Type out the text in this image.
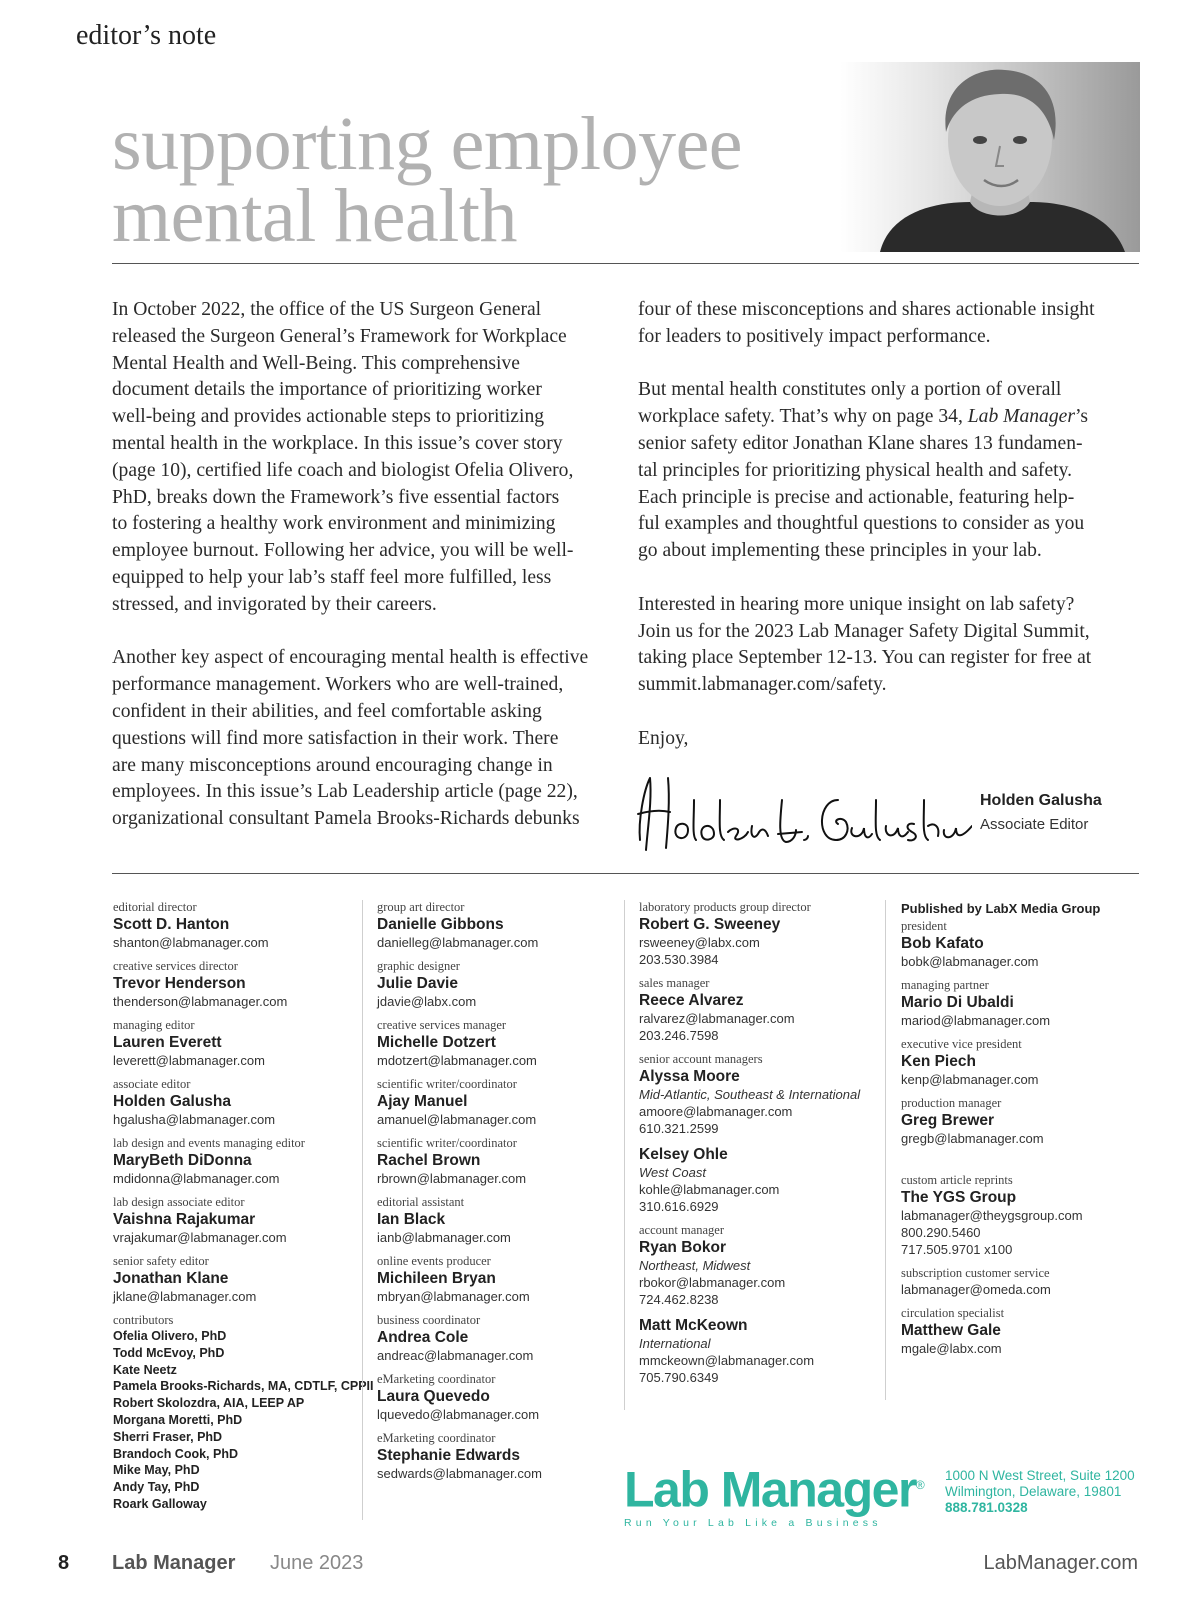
editor’s note
supporting employee
mental health

In October 2022, the office of the US Surgeon General
released the Surgeon General’s Framework for Workplace
Mental Health and Well-Being. This comprehensive
document details the importance of prioritizing worker
well-being and provides actionable steps to prioritizing
mental health in the workplace. In this issue’s cover story
(page 10), certified life coach and biologist Ofelia Olivero,
PhD, breaks down the Framework’s five essential factors
to fostering a healthy work environment and minimizing
employee burnout. Following her advice, you will be well-
equipped to help your lab’s staff feel more fulfilled, less
stressed, and invigorated by their careers.

Another key aspect of encouraging mental health is effective
performance management. Workers who are well-trained,
confident in their abilities, and feel comfortable asking
questions will find more satisfaction in their work. There
are many misconceptions around encouraging change in
employees. In this issue’s Lab Leadership article (page 22),
organizational consultant Pamela Brooks-Richards debunks

four of these misconceptions and shares actionable insight
for leaders to positively impact performance.

But mental health constitutes only a portion of overall
workplace safety. That’s why on page 34, Lab Manager’s
senior safety editor Jonathan Klane shares 13 fundamen-
tal principles for prioritizing physical health and safety.
Each principle is precise and actionable, featuring help-
ful examples and thoughtful questions to consider as you
go about implementing these principles in your lab.

Interested in hearing more unique insight on lab safety?
Join us for the 2023 Lab Manager Safety Digital Summit,
taking place September 12-13. You can register for free at
summit.labmanager.com/safety.

Enjoy,

Holden Galusha
Associate Editor
editorial director
Scott D. Hanton
shanton@labmanager.com
creative services director
Trevor Henderson
thenderson@labmanager.com
managing editor
Lauren Everett
leverett@labmanager.com
associate editor
Holden Galusha
hgalusha@labmanager.com
lab design and events managing editor
MaryBeth DiDonna
mdidonna@labmanager.com
lab design associate editor
Vaishna Rajakumar
vrajakumar@labmanager.com
senior safety editor
Jonathan Klane
jklane@labmanager.com
contributors
Ofelia Olivero, PhD
Todd McEvoy, PhD
Kate Neetz
Pamela Brooks-Richards, MA, CDTLF, CPPII
Robert Skolozdra, AIA, LEEP AP
Morgana Moretti, PhD
Sherri Fraser, PhD
Brandoch Cook, PhD
Mike May, PhD
Andy Tay, PhD
Roark Galloway
group art director
Danielle Gibbons
danielleg@labmanager.com
graphic designer
Julie Davie
jdavie@labx.com
creative services manager
Michelle Dotzert
mdotzert@labmanager.com
scientific writer/coordinator
Ajay Manuel
amanuel@labmanager.com
scientific writer/coordinator
Rachel Brown
rbrown@labmanager.com
editorial assistant
Ian Black
ianb@labmanager.com
online events producer
Michileen Bryan
mbryan@labmanager.com
business coordinator
Andrea Cole
andreac@labmanager.com
eMarketing coordinator
Laura Quevedo
lquevedo@labmanager.com
eMarketing coordinator
Stephanie Edwards
sedwards@labmanager.com
laboratory products group director
Robert G. Sweeney
rsweeney@labx.com
203.530.3984
sales manager
Reece Alvarez
ralvarez@labmanager.com
203.246.7598
senior account managers
Alyssa Moore
Mid-Atlantic, Southeast & International
amoore@labmanager.com
610.321.2599
Kelsey Ohle
West Coast
kohle@labmanager.com
310.616.6929
account manager
Ryan Bokor
Northeast, Midwest
rbokor@labmanager.com
724.462.8238
Matt McKeown
International
mmckeown@labmanager.com
705.790.6349
Published by LabX Media Group
president
Bob Kafato
bobk@labmanager.com
managing partner
Mario Di Ubaldi
mariod@labmanager.com
executive vice president
Ken Piech
kenp@labmanager.com
production manager
Greg Brewer
gregb@labmanager.com
custom article reprints
The YGS Group
labmanager@theygsgroup.com
800.290.5460
717.505.9701 x100
subscription customer service
labmanager@omeda.com
circulation specialist
Matthew Gale
mgale@labx.com
Lab Manager®
Run Your Lab Like a Business
1000 N West Street, Suite 1200
Wilmington, Delaware, 19801
888.781.0328
8 Lab Manager June 2023	LabManager.com
